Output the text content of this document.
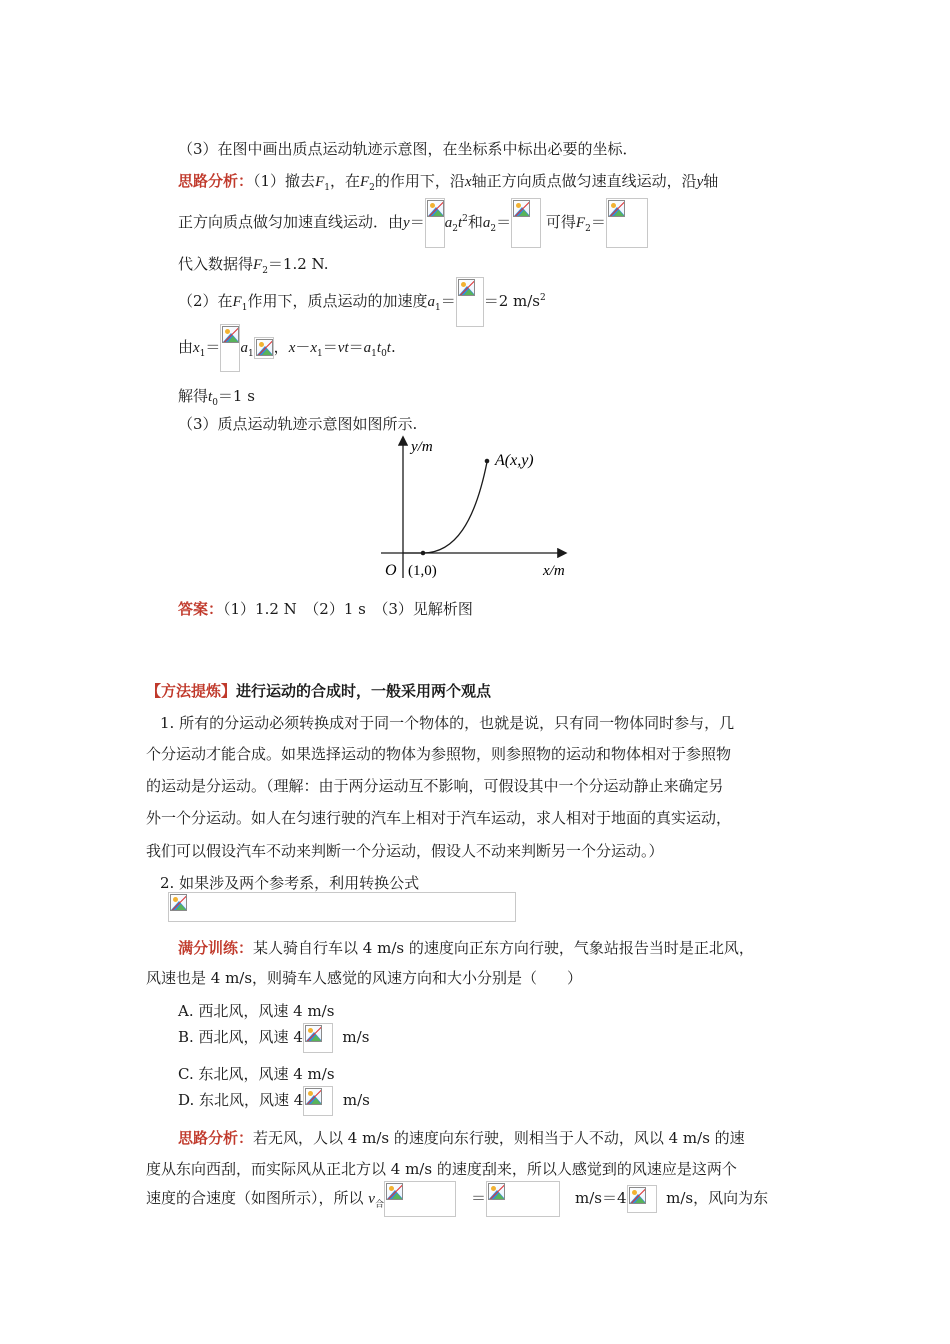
（3）在图中画出质点运动轨迹示意图，在坐标系中标出必要的坐标．
思路分析：（1）撤去$F_1$，在$F_2$的作用下，沿x轴正方向质点做匀速直线运动，沿y轴
正方向质点做匀加速直线运动．由$y= a_2t^2$和$a_2=$ 可得$F_2=$
代入数据得$F_2=1.2$ N.
（2）在$F_1$作用下，质点运动的加速度$a_1= =2$ $m/s^2$
由$x_1= a_1$ ，$x-x_1=vt=a_1t_0t$.
解得$t_0=1$ s
（3）质点运动轨迹示意图如图所示.
y/m
x/m
O (1,0)
A(x,y)
答案：（1）1.2 N　（2）1 s　（3）见解析图
【方法提炼】进行运动的合成时，一般采用两个观点
1. 所有的分运动必须转换成对于同一个物体的，也就是说，只有同一物体同时参与，几
个分运动才能合成。如果选择运动的物体为参照物，则参照物的运动和物体相对于参照物
的运动是分运动。（理解：由于两分运动互不影响，可假设其中一个分运动静止来确定另
外一个分运动。如人在匀速行驶的汽车上相对于汽车运动，求人相对于地面的真实运动，
我们可以假设汽车不动来判断一个分运动，假设人不动来判断另一个分运动。）
2. 如果涉及两个参考系，利用转换公式
满分训练：某人骑自行车以 4 m/s 的速度向正东方向行驶，气象站报告当时是正北风，
风速也是 4 m/s，则骑车人感觉的风速方向和大小分别是（　　）
A. 西北风，风速 4 m/s
B. 西北风，风速 4	m/s
C. 东北风，风速 4 m/s
D. 东北风，风速 4	m/s
思路分析：若无风，人以 4 m/s 的速度向东行驶，则相当于人不动，风以 4 m/s 的速
度从东向西刮，而实际风从正北方以 4 m/s 的速度刮来，所以人感觉到的风速应是这两个
速度的合速度（如图所示），所以 $v_合$
　	＝
　	m/s＝4	m/s，风向为东
